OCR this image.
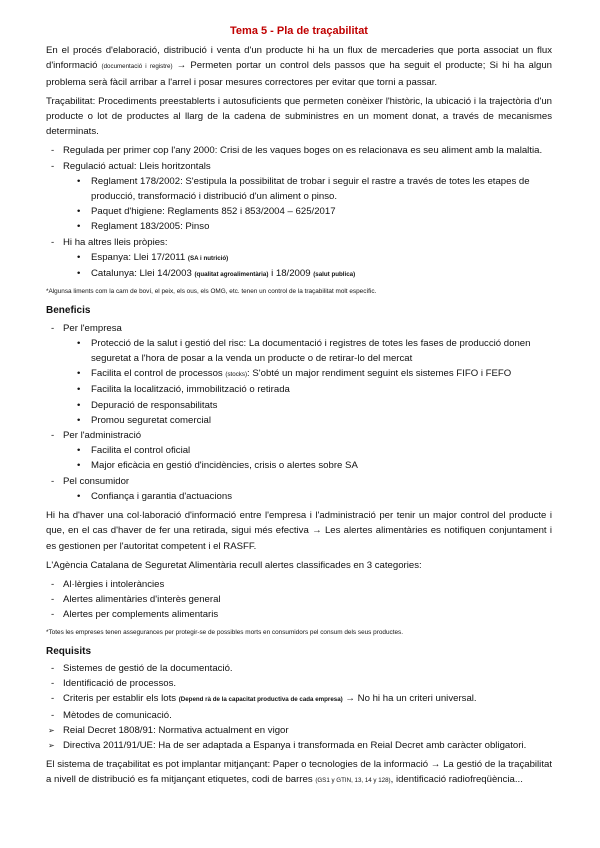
Tema 5 - Pla de traçabilitat

En el procés d'elaboració, distribució i venta d'un producte hi ha un flux de mercaderies que porta associat un flux d'informació (documentació i registre) → Permeten portar un control dels passos que ha seguit el producte; Si hi ha algun problema serà fàcil arribar a l'arrel i posar mesures correctores per evitar que torni a passar.

Traçabilitat: Procediments preestablerts i autosuficients que permeten conèixer l'històric, la ubicació i la trajectòria d'un producte o lot de productes al llarg de la cadena de subministres en un moment donat, a través de mecanismes determinats.

- Regulada per primer cop l'any 2000: Crisi de les vaques boges on es relacionava es seu aliment amb la malaltia.
- Regulació actual: Lleis horitzontals
• Reglament 178/2002: S'estipula la possibilitat de trobar i seguir el rastre a través de totes les etapes de producció, transformació i distribució d'un aliment o pinso.
• Paquet d'higiene: Reglaments 852 i 853/2004 – 625/2017
• Reglament 183/2005: Pinso
- Hi ha altres lleis pròpies:
• Espanya: Llei 17/2011 (SA i nutrició)
• Catalunya: Llei 14/2003 (qualitat agroalimentària) i 18/2009 (salut publica)
*Algunsa liments com la carn de boví, el peix, els ous, els OMG, etc. tenen un control de la traçabilitat molt específic.
Beneficis
- Per l'empresa
• Protecció de la salut i gestió del risc: La documentació i registres de totes les fases de producció donen seguretat a l'hora de posar a la venda un producte o de retirar-lo del mercat
• Facilita el control de processos (stocks): S'obté un major rendiment seguint els sistemes FIFO i FEFO
• Facilita la localització, immobilització o retirada
• Depuració de responsabilitats
• Promou seguretat comercial
- Per l'administració
• Facilita el control oficial
• Major eficàcia en gestió d'incidències, crisis o alertes sobre SA
- Pel consumidor
• Confiança i garantia d'actuacions

Hi ha d'haver una col·laboració d'informació entre l'empresa i l'administració per tenir un major control del producte i que, en el cas d'haver de fer una retirada, sigui més efectiva → Les alertes alimentàries es notifiquen conjuntament i es gestionen per l'autoritat competent i el RASFF.

L'Agència Catalana de Seguretat Alimentària recull alertes classificades en 3 categories:

- Al·lèrgies i intoleràncies
- Alertes alimentàries d'interès general
- Alertes per complements alimentaris
*Totes les empreses tenen assegurances per protegir-se de possibles morts en consumidors pel consum dels seus productes.
Requisits
- Sistemes de gestió de la documentació.
- Identificació de processos.
- Criteris per establir els lots (Depend rà de la capacitat productiva de cada empresa) → No hi ha un criteri universal.
- Mètodes de comunicació.
➢ Reial Decret 1808/91: Normativa actualment en vigor
➢ Directiva 2011/91/UE: Ha de ser adaptada a Espanya i transformada en Reial Decret amb caràcter obligatori.

El sistema de traçabilitat es pot implantar mitjançant: Paper o tecnologies de la informació → La gestió de la traçabilitat a nivell de distribució es fa mitjançant etiquetes, codi de barres (GS1 y GTIN, 13, 14 y 128), identificació radiofreqüència...
